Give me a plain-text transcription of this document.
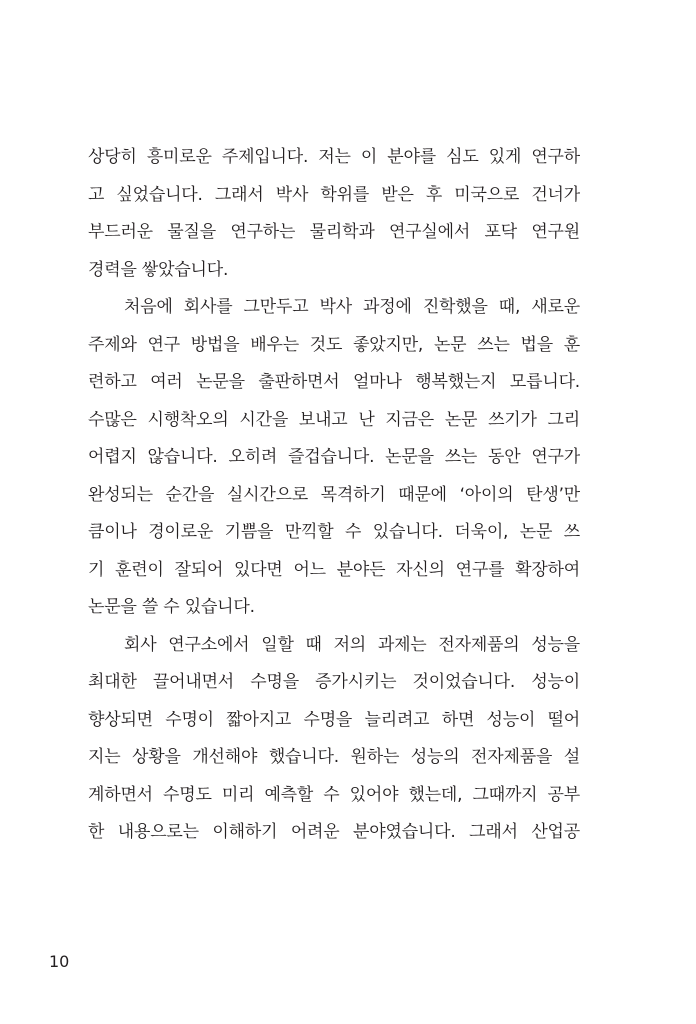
상당히 흥미로운 주제입니다. 저는 이 분야를 심도 있게 연구하
고 싶었습니다. 그래서 박사 학위를 받은 후 미국으로 건너가
부드러운 물질을 연구하는 물리학과 연구실에서 포닥 연구원
경력을 쌓았습니다.
처음에 회사를 그만두고 박사 과정에 진학했을 때, 새로운
주제와 연구 방법을 배우는 것도 좋았지만, 논문 쓰는 법을 훈
련하고 여러 논문을 출판하면서 얼마나 행복했는지 모릅니다.
수많은 시행착오의 시간을 보내고 난 지금은 논문 쓰기가 그리
어렵지 않습니다. 오히려 즐겁습니다. 논문을 쓰는 동안 연구가
완성되는 순간을 실시간으로 목격하기 때문에 ‘아이의 탄생’만
큼이나 경이로운 기쁨을 만끽할 수 있습니다. 더욱이, 논문 쓰
기 훈련이 잘되어 있다면 어느 분야든 자신의 연구를 확장하여
논문을 쓸 수 있습니다.
회사 연구소에서 일할 때 저의 과제는 전자제품의 성능을
최대한 끌어내면서 수명을 증가시키는 것이었습니다. 성능이
향상되면 수명이 짧아지고 수명을 늘리려고 하면 성능이 떨어
지는 상황을 개선해야 했습니다. 원하는 성능의 전자제품을 설
계하면서 수명도 미리 예측할 수 있어야 했는데, 그때까지 공부
한 내용으로는 이해하기 어려운 분야였습니다. 그래서 산업공
10
